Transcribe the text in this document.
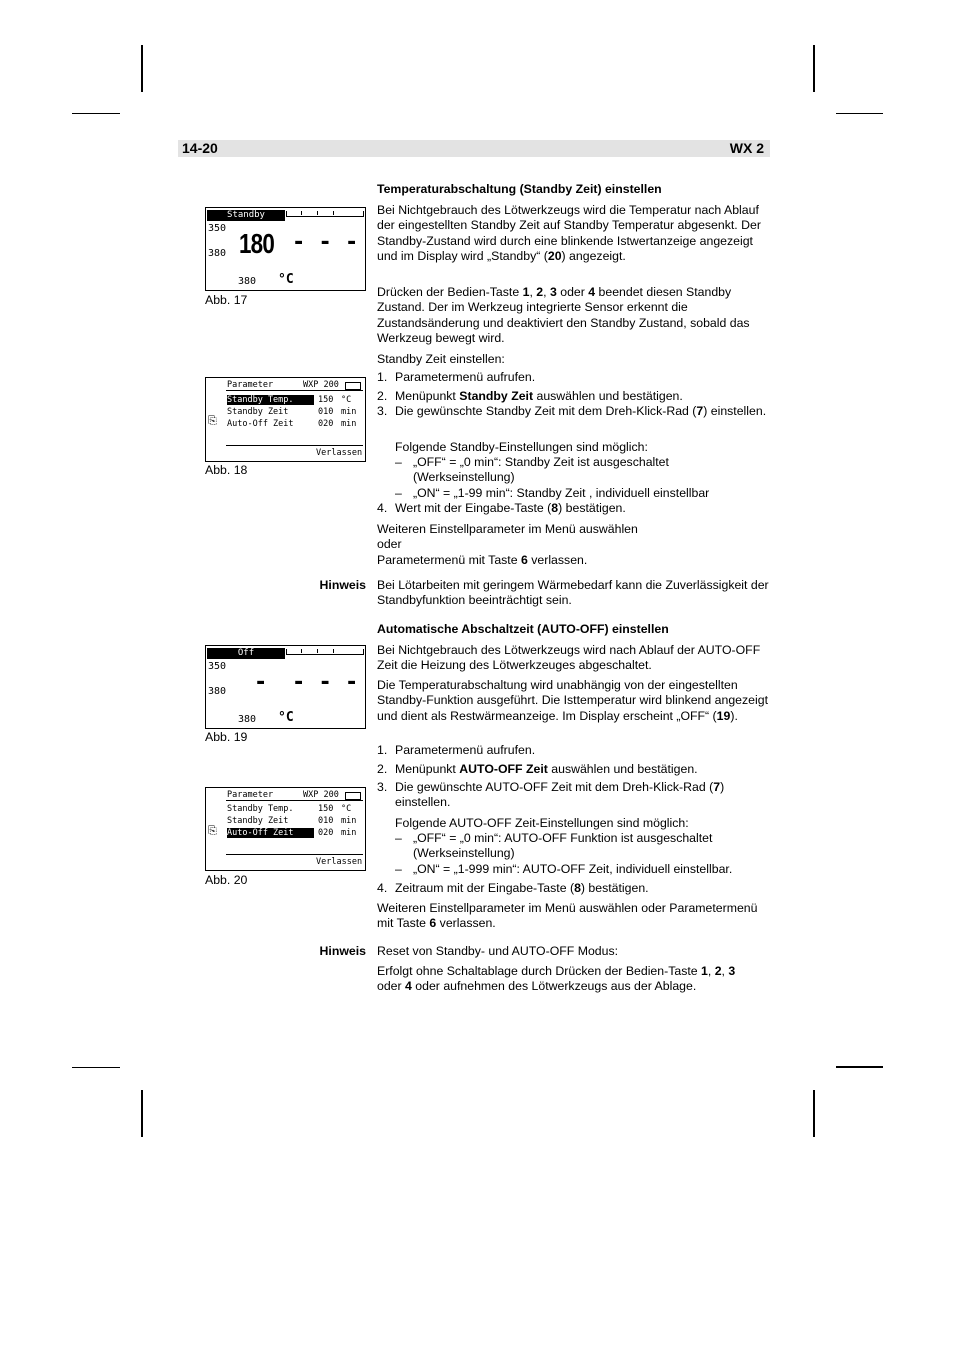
14-20	WX 2
Standby
350
380 180 - - -
380 °C
Abb. 17
Parameter	WXP 200
⎘
Standby Temp.	150 °C
Standby Zeit	010 min
Auto-Off Zeit	020 min
Verlassen
Abb. 18
Off
350
380 - - - -
380 °C
Abb. 19
Parameter	WXP 200
⎘
Standby Temp.	150 °C
Standby Zeit	010 min
Auto-Off Zeit	020 min
Verlassen
Abb. 20
Temperaturabschaltung (Standby Zeit) einstellen
Bei Nichtgebrauch des Lötwerkzeugs wird die Temperatur nach Ablauf der eingestellten Standby Zeit auf Standby Temperatur abgesenkt. Der Standby-Zustand wird durch eine blinkende Istwertanzeige angezeigt und im Display wird „Standby“ (20) angezeigt.
Drücken der Bedien-Taste 1, 2, 3 oder 4 beendet diesen Standby Zustand. Der im Werkzeug integrierte Sensor erkennt die Zustandsänderung und deaktiviert den Standby Zustand, sobald das Werkzeug bewegt wird.
Standby Zeit einstellen:
1. Parametermenü aufrufen.
2. Menüpunkt Standby Zeit auswählen und bestätigen.
3. Die gewünschte Standby Zeit mit dem Dreh-Klick-Rad (7) einstellen.
Folgende Standby-Einstellungen sind möglich:
– „OFF“ = „0 min“: Standby Zeit ist ausgeschaltet (Werkseinstellung)
– „ON“ = „1-99 min“: Standby Zeit , individuell einstellbar
4. Wert mit der Eingabe-Taste (8) bestätigen.

Weiteren Einstellparameter im Menü auswählen

oder

Parametermenü mit Taste 6 verlassen.

Hinweis Bei Lötarbeiten mit geringem Wärmebedarf kann die Zuverlässigkeit der Standbyfunktion beeinträchtigt sein.
Automatische Abschaltzeit (AUTO-OFF) einstellen
Bei Nichtgebrauch des Lötwerkzeugs wird nach Ablauf der AUTO-OFF Zeit die Heizung des Lötwerkzeuges abgeschaltet.
Die Temperaturabschaltung wird unabhängig von der eingestellten Standby-Funktion ausgeführt. Die Isttemperatur wird blinkend angezeigt und dient als Restwärmeanzeige. Im Display erscheint „OFF“ (19).
1. Parametermenü aufrufen.
2. Menüpunkt AUTO-OFF Zeit auswählen und bestätigen.
3. Die gewünschte AUTO-OFF Zeit mit dem Dreh-Klick-Rad (7) einstellen.
Folgende AUTO-OFF Zeit-Einstellungen sind möglich:
– „OFF“ = „0 min“: AUTO-OFF Funktion ist ausgeschaltet (Werkseinstellung)
– „ON“ = „1-999 min“: AUTO-OFF Zeit, individuell einstellbar.
4. Zeitraum mit der Eingabe-Taste (8) bestätigen.
Weiteren Einstellparameter im Menü auswählen oder Parametermenü mit Taste 6 verlassen.
Hinweis Reset von Standby- und AUTO-OFF Modus:
Erfolgt ohne Schaltablage durch Drücken der Bedien-Taste 1, 2, 3
oder 4 oder aufnehmen des Lötwerkzeugs aus der Ablage.
